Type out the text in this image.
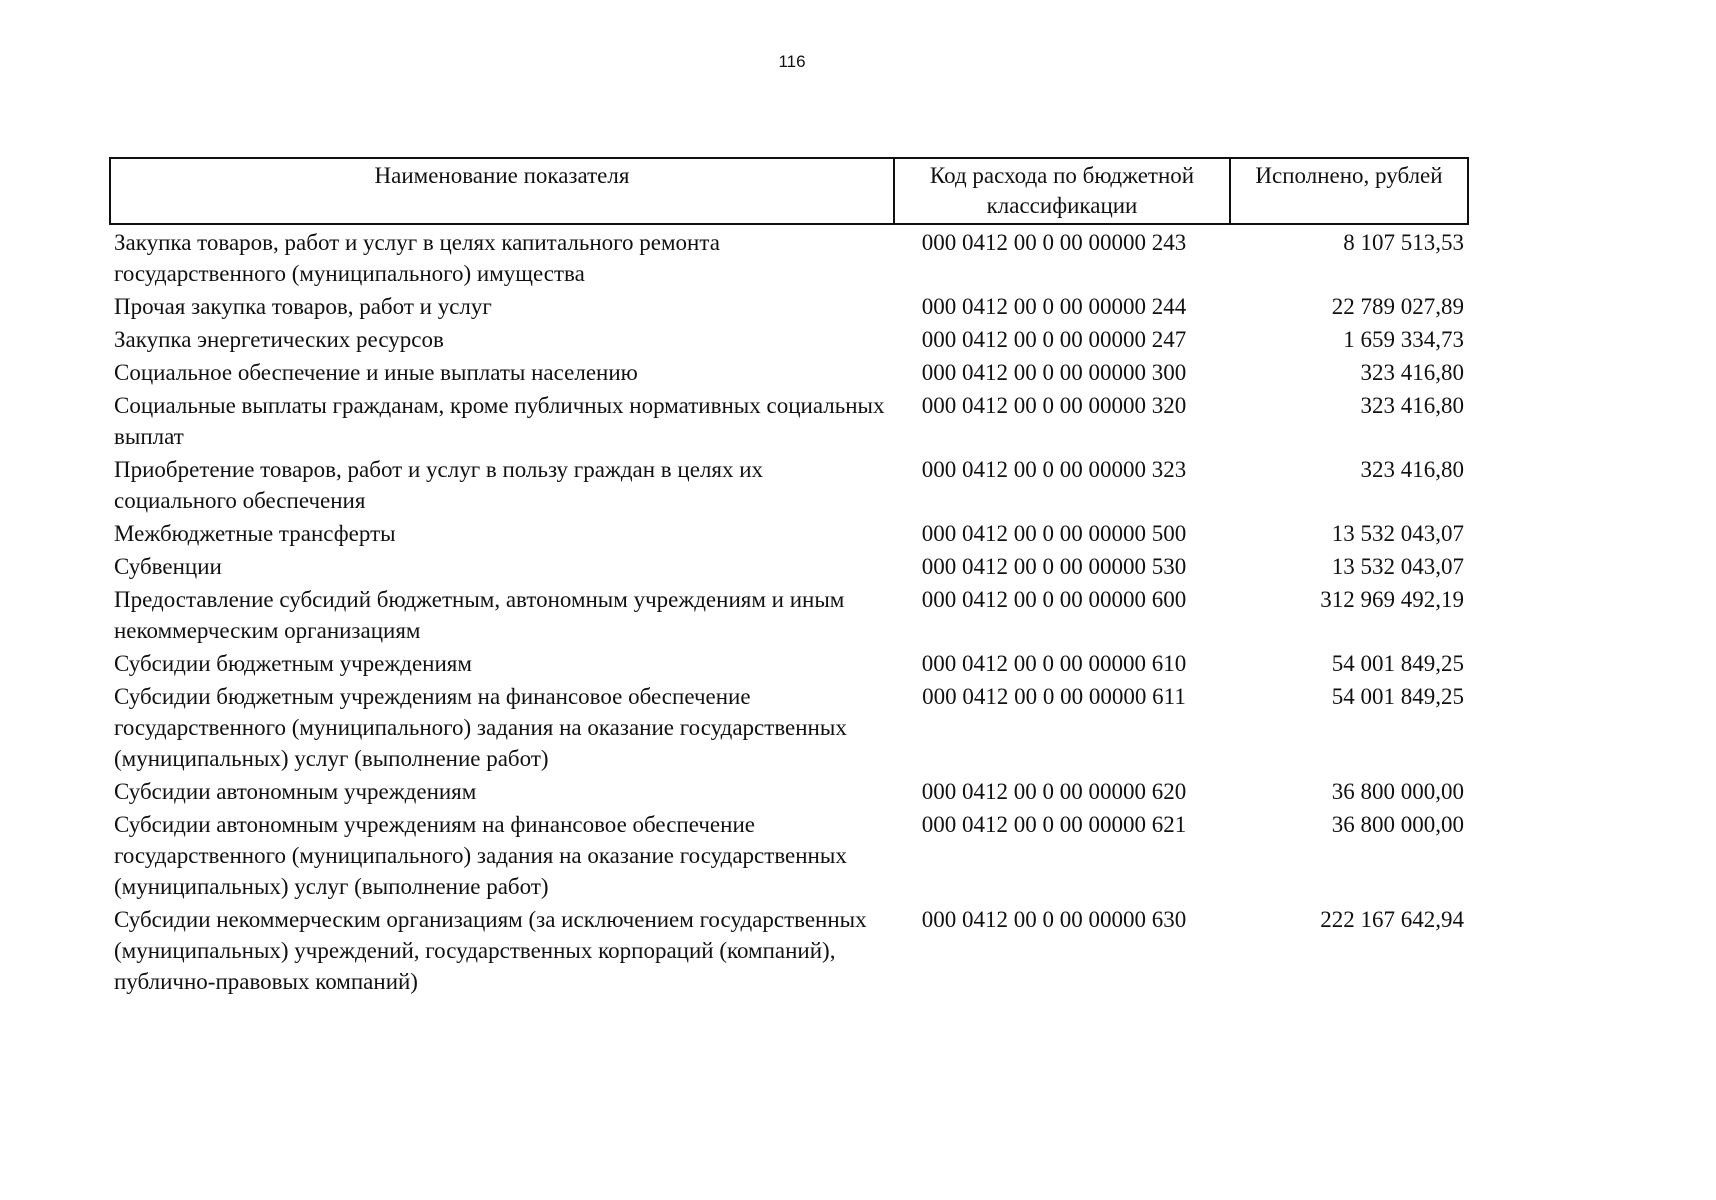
116
Наименование показателя	Код расхода по бюджетной классификации	Исполнено, рублей
Закупка товаров, работ и услуг в целях капитального ремонта государственного (муниципального) имущества	000 0412 00 0 00 00000 243	8 107 513,53
Прочая закупка товаров, работ и услуг	000 0412 00 0 00 00000 244	22 789 027,89
Закупка энергетических ресурсов	000 0412 00 0 00 00000 247	1 659 334,73
Социальное обеспечение и иные выплаты населению	000 0412 00 0 00 00000 300	323 416,80
Социальные выплаты гражданам, кроме публичных нормативных социальных выплат	000 0412 00 0 00 00000 320	323 416,80
Приобретение товаров, работ и услуг в пользу граждан в целях их социального обеспечения	000 0412 00 0 00 00000 323	323 416,80
Межбюджетные трансферты	000 0412 00 0 00 00000 500	13 532 043,07
Субвенции	000 0412 00 0 00 00000 530	13 532 043,07
Предоставление субсидий бюджетным, автономным учреждениям и иным некоммерческим организациям	000 0412 00 0 00 00000 600	312 969 492,19
Субсидии бюджетным учреждениям	000 0412 00 0 00 00000 610	54 001 849,25
Субсидии бюджетным учреждениям на финансовое обеспечение государственного (муниципального) задания на оказание государственных (муниципальных) услуг (выполнение работ)	000 0412 00 0 00 00000 611	54 001 849,25
Субсидии автономным учреждениям	000 0412 00 0 00 00000 620	36 800 000,00
Субсидии автономным учреждениям на финансовое обеспечение государственного (муниципального) задания на оказание государственных (муниципальных) услуг (выполнение работ)	000 0412 00 0 00 00000 621	36 800 000,00
Субсидии некоммерческим организациям (за исключением государственных (муниципальных) учреждений, государственных корпораций (компаний), публично-правовых компаний)	000 0412 00 0 00 00000 630	222 167 642,94
